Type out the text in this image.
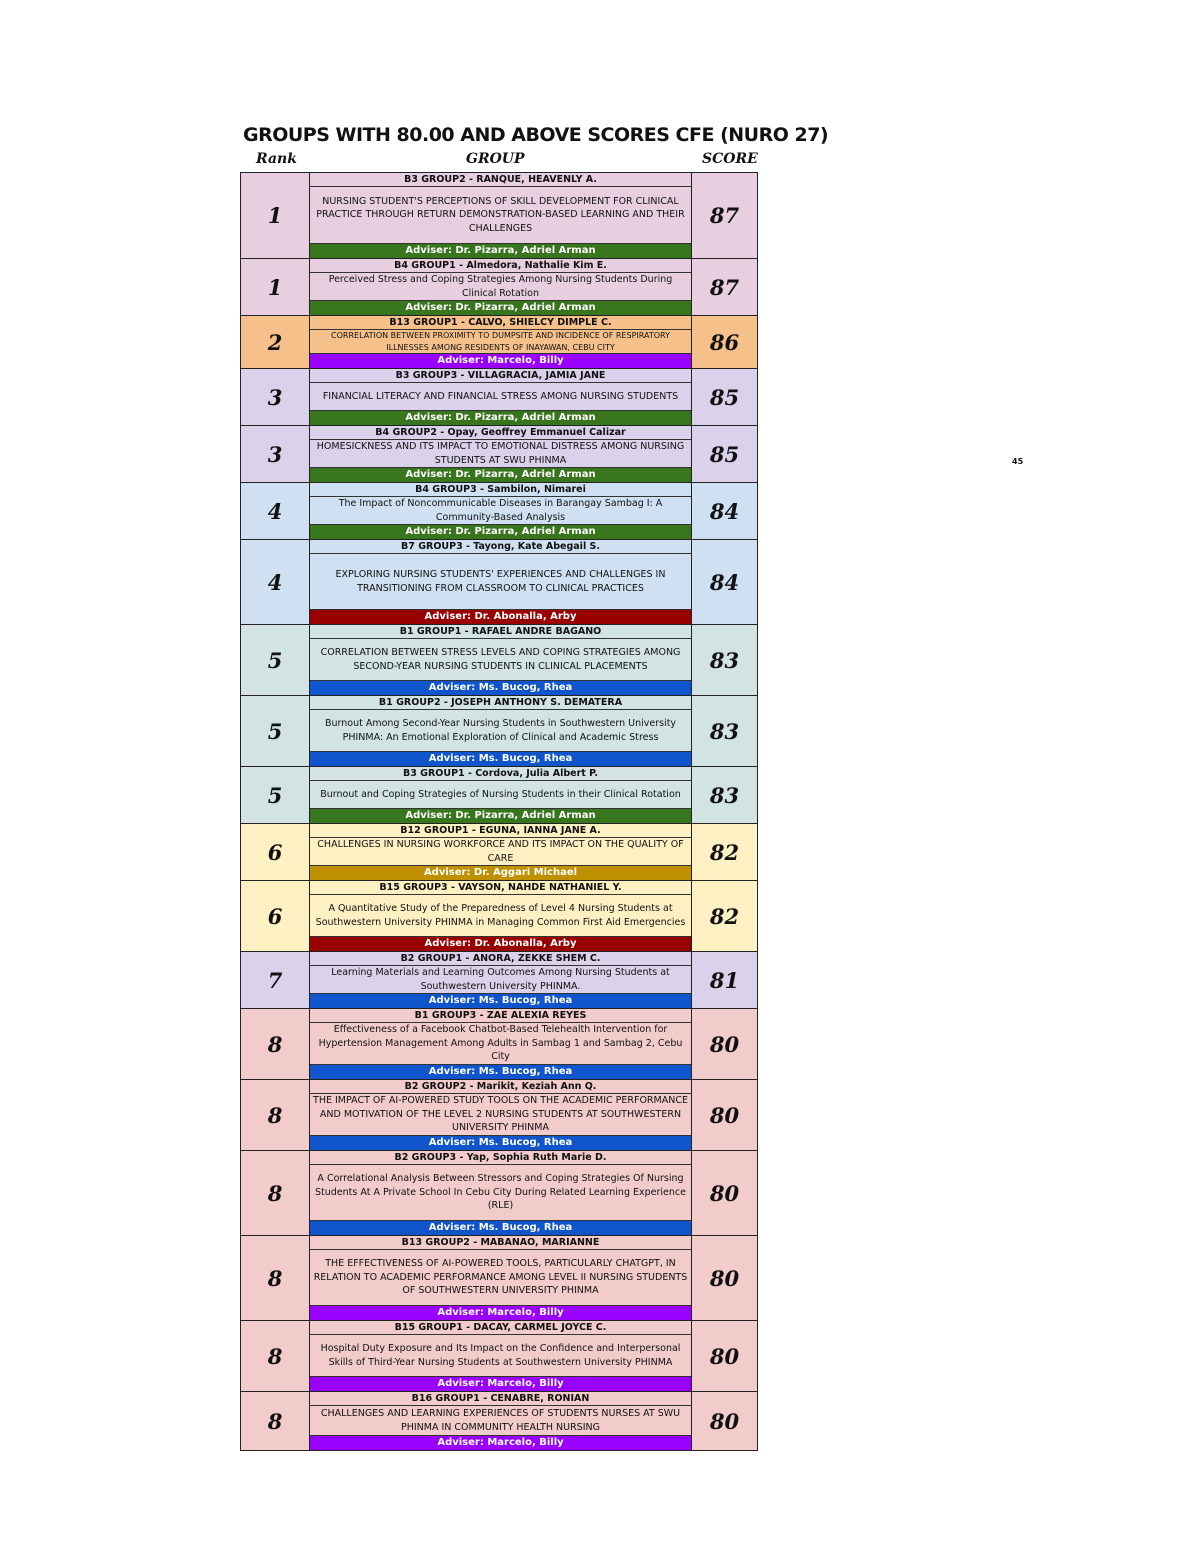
GROUPS WITH 80.00 AND ABOVE SCORES CFE (NURO 27)
Rank	GROUP	SCORE
45
1
B3 GROUP2 - RANQUE, HEAVENLY A.
NURSING STUDENT'S PERCEPTIONS OF SKILL DEVELOPMENT FOR CLINICAL PRACTICE THROUGH RETURN DEMONSTRATION-BASED LEARNING AND THEIR CHALLENGES
Adviser: Dr. Pizarra, Adriel Arman
87
1
B4 GROUP1 - Almedora, Nathalie Kim E.
Perceived Stress and Coping Strategies Among Nursing Students During Clinical Rotation
Adviser: Dr. Pizarra, Adriel Arman
87
2
B13 GROUP1 - CALVO, SHIELCY DIMPLE C.
CORRELATION BETWEEN PROXIMITY TO DUMPSITE AND INCIDENCE OF RESPIRATORY ILLNESSES AMONG RESIDENTS OF INAYAWAN, CEBU CITY
Adviser: Marcelo, Billy
86
3
B3 GROUP3 - VILLAGRACIA, JAMIA JANE
FINANCIAL LITERACY AND FINANCIAL STRESS AMONG NURSING STUDENTS
Adviser: Dr. Pizarra, Adriel Arman
85
3
B4 GROUP2 - Opay, Geoffrey Emmanuel Calizar
HOMESICKNESS AND ITS IMPACT TO EMOTIONAL DISTRESS AMONG NURSING STUDENTS AT SWU PHINMA
Adviser: Dr. Pizarra, Adriel Arman
85
4
B4 GROUP3 - Sambilon, Nimarei
The Impact of Noncommunicable Diseases in Barangay Sambag I: A Community-Based Analysis
Adviser: Dr. Pizarra, Adriel Arman
84
4
B7 GROUP3 - Tayong, Kate Abegail S.
EXPLORING NURSING STUDENTS' EXPERIENCES AND CHALLENGES IN TRANSITIONING FROM CLASSROOM TO CLINICAL PRACTICES
Adviser: Dr. Abonalla, Arby
84
5
B1 GROUP1 - RAFAEL ANDRE BAGANO
CORRELATION BETWEEN STRESS LEVELS AND COPING STRATEGIES AMONG SECOND-YEAR NURSING STUDENTS IN CLINICAL PLACEMENTS
Adviser: Ms. Bucog, Rhea
83
5
B1 GROUP2 - JOSEPH ANTHONY S. DEMATERA
Burnout Among Second-Year Nursing Students in Southwestern University PHINMA: An Emotional Exploration of Clinical and Academic Stress
Adviser: Ms. Bucog, Rhea
83
5
B3 GROUP1 - Cordova, Julia Albert P.
Burnout and Coping Strategies of Nursing Students in their Clinical Rotation
Adviser: Dr. Pizarra, Adriel Arman
83
6
B12 GROUP1 - EGUNA, IANNA JANE A.
CHALLENGES IN NURSING WORKFORCE AND ITS IMPACT ON THE QUALITY OF CARE
Adviser: Dr. Aggari Michael
82
6
B15 GROUP3 - VAYSON, NAHDE NATHANIEL Y.
A Quantitative Study of the Preparedness of Level 4 Nursing Students at Southwestern University PHINMA in Managing Common First Aid Emergencies
Adviser: Dr. Abonalla, Arby
82
7
B2 GROUP1 - ANORA, ZEKKE SHEM C.
Learning Materials and Learning Outcomes Among Nursing Students at Southwestern University PHINMA.
Adviser: Ms. Bucog, Rhea
81
8
B1 GROUP3 - ZAE ALEXIA REYES
Effectiveness of a Facebook Chatbot-Based Telehealth Intervention for Hypertension Management Among Adults in Sambag 1 and Sambag 2, Cebu City
Adviser: Ms. Bucog, Rhea
80
8
B2 GROUP2 - Marikit, Keziah Ann Q.
THE IMPACT OF AI-POWERED STUDY TOOLS ON THE ACADEMIC PERFORMANCE AND MOTIVATION OF THE LEVEL 2 NURSING STUDENTS AT SOUTHWESTERN UNIVERSITY PHINMA
Adviser: Ms. Bucog, Rhea
80
8
B2 GROUP3 - Yap, Sophia Ruth Marie D.
A Correlational Analysis Between Stressors and Coping Strategies Of Nursing Students At A Private School In Cebu City During Related Learning Experience (RLE)
Adviser: Ms. Bucog, Rhea
80
8
B13 GROUP2 - MABANAO, MARIANNE
THE EFFECTIVENESS OF AI-POWERED TOOLS, PARTICULARLY CHATGPT, IN RELATION TO ACADEMIC PERFORMANCE AMONG LEVEL II NURSING STUDENTS OF SOUTHWESTERN UNIVERSITY PHINMA
Adviser: Marcelo, Billy
80
8
B15 GROUP1 - DACAY, CARMEL JOYCE C.
Hospital Duty Exposure and Its Impact on the Confidence and Interpersonal Skills of Third-Year Nursing Students at Southwestern University PHINMA
Adviser: Marcelo, Billy
80
8
B16 GROUP1 - CENABRE, RONIAN
CHALLENGES AND LEARNING EXPERIENCES OF STUDENTS NURSES AT SWU PHINMA IN COMMUNITY HEALTH NURSING
Adviser: Marcelo, Billy
80
